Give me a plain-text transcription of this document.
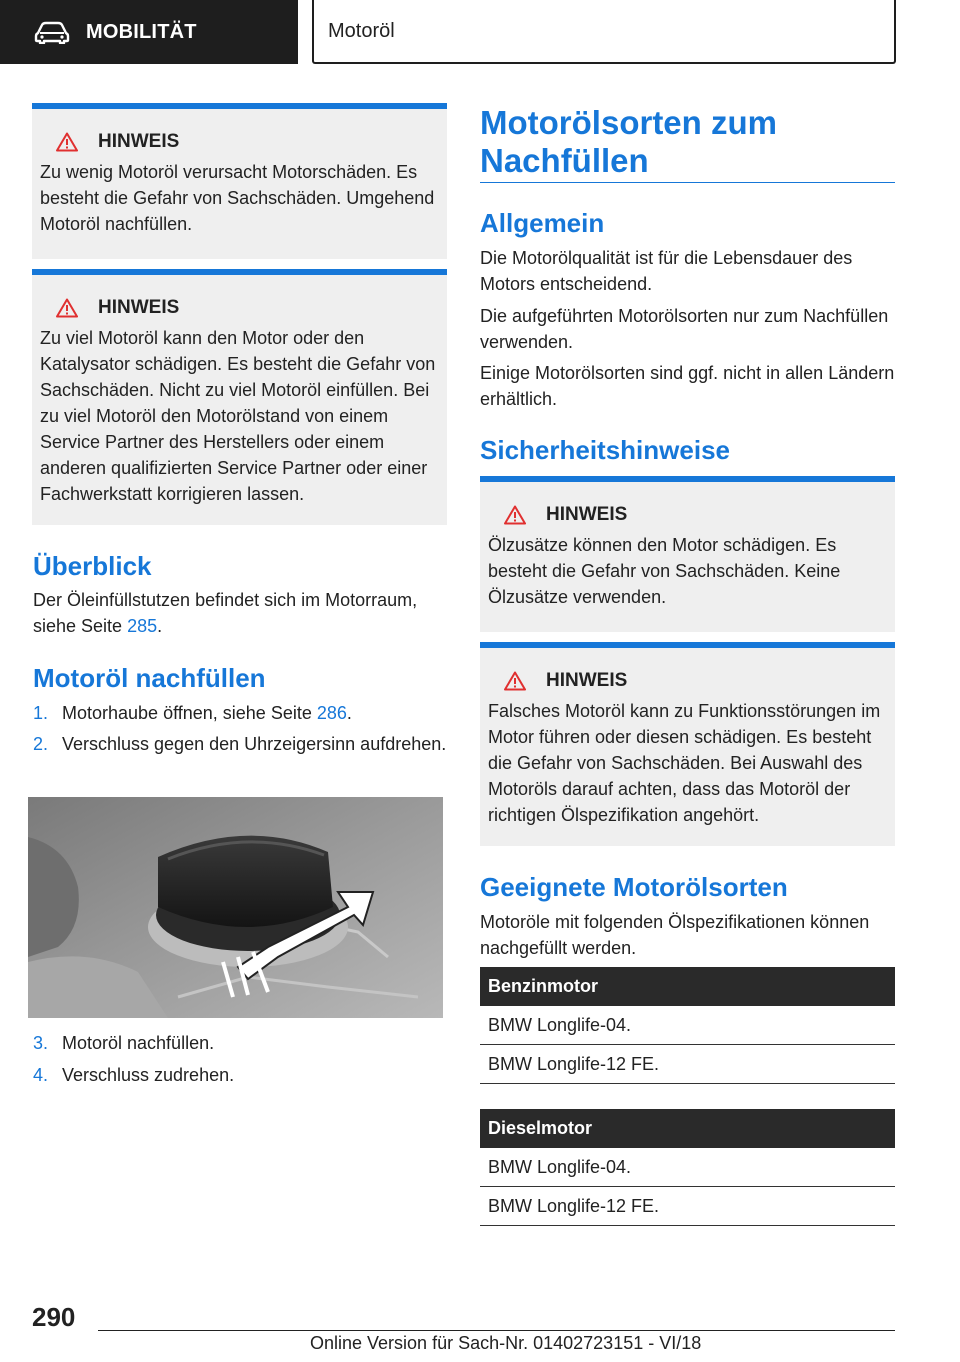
MOBILITÄT	Motoröl
HINWEIS
Zu wenig Motoröl verursacht Motorschäden. Es besteht die Gefahr von Sachschäden. Umgehend Motoröl nachfüllen.
HINWEIS
Zu viel Motoröl kann den Motor oder den Katalysator schädigen. Es besteht die Gefahr von Sachschäden. Nicht zu viel Motoröl einfüllen. Bei zu viel Motoröl den Motorölstand von einem Service Partner des Herstellers oder einem anderen qualifizierten Service Partner oder einer Fachwerkstatt korrigieren lassen.
Überblick

Der Öleinfüllstutzen befindet sich im Motorraum, siehe Seite 285.

Motoröl nachfüllen
1. Motorhaube öffnen, siehe Seite 286.
2. Verschluss gegen den Uhrzeigersinn aufdrehen.
3. Motoröl nachfüllen.
4. Verschluss zudrehen.
Motorölsorten zum Nachfüllen
Allgemein

Die Motorölqualität ist für die Lebensdauer des Motors entscheidend.

Die aufgeführten Motorölsorten nur zum Nachfüllen verwenden.

Einige Motorölsorten sind ggf. nicht in allen Ländern erhältlich.

Sicherheitshinweise
HINWEIS
Ölzusätze können den Motor schädigen. Es besteht die Gefahr von Sachschäden. Keine Ölzusätze verwenden.
HINWEIS
Falsches Motoröl kann zu Funktionsstörungen im Motor führen oder diesen schädigen. Es besteht die Gefahr von Sachschäden. Bei Auswahl des Motoröls darauf achten, dass das Motoröl der richtigen Ölspezifikation angehört.
Geeignete Motorölsorten

Motoröle mit folgenden Ölspezifikationen können nachgefüllt werden.

Benzinmotor
BMW Longlife-04.
BMW Longlife-12 FE.
Dieselmotor
BMW Longlife-04.
BMW Longlife-12 FE.
290
Online Version für Sach-Nr. 01402723151 - VI/18
